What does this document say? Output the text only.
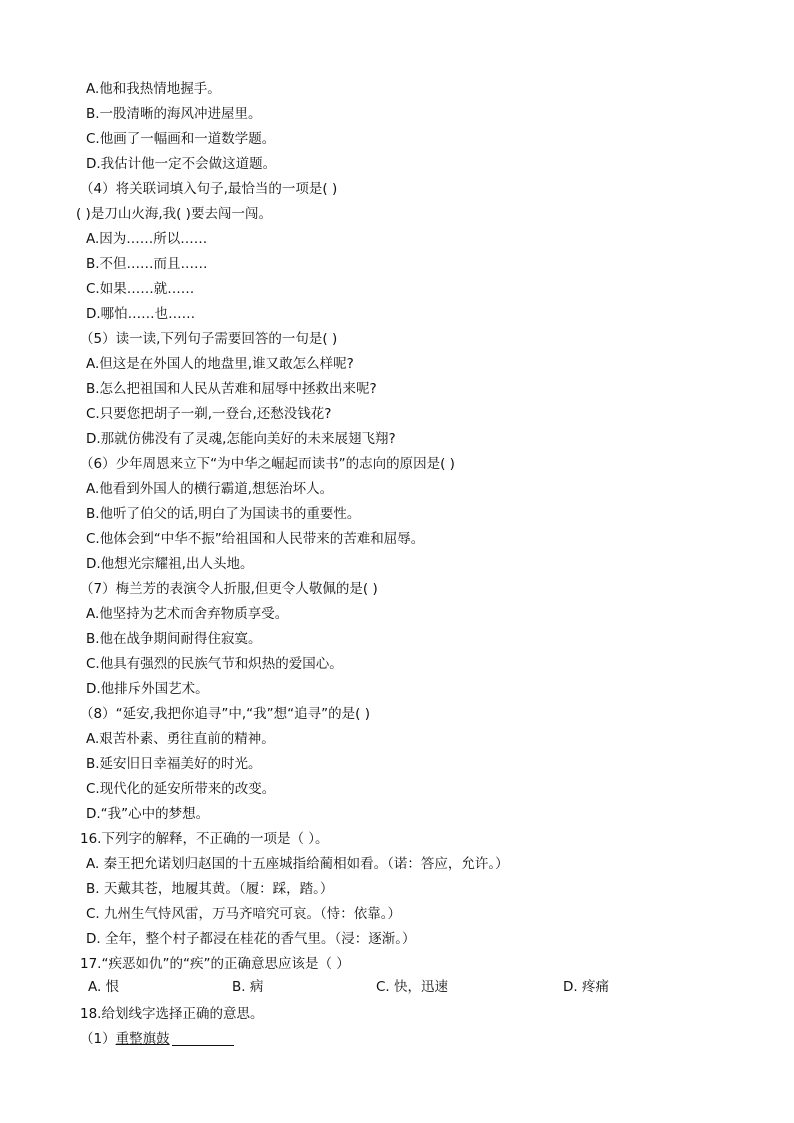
A.他和我热情地握手。
B.一股清晰的海风冲进屋里。
C.他画了一幅画和一道数学题。
D.我估计他一定不会做这道题。
（4）将关联词填入句子,最恰当的一项是( )
( )是刀山火海,我( )要去闯一闯。
A.因为……所以……
B.不但……而且……
C.如果……就……
D.哪怕……也……
（5）读一读,下列句子需要回答的一句是( )
A.但这是在外国人的地盘里,谁又敢怎么样呢?
B.怎么把祖国和人民从苦难和屈辱中拯救出来呢?
C.只要您把胡子一剃,一登台,还愁没钱花?
D.那就仿佛没有了灵魂,怎能向美好的未来展翅飞翔?
（6）少年周恩来立下“为中华之崛起而读书”的志向的原因是( )
A.他看到外国人的横行霸道,想惩治坏人。
B.他听了伯父的话,明白了为国读书的重要性。
C.他体会到“中华不振”给祖国和人民带来的苦难和屈辱。
D.他想光宗耀祖,出人头地。
（7）梅兰芳的表演令人折服,但更令人敬佩的是( )
A.他坚持为艺术而舍弃物质享受。
B.他在战争期间耐得住寂寞。
C.他具有强烈的民族气节和炽热的爱国心。
D.他排斥外国艺术。
（8）“延安,我把你追寻”中,“我”想“追寻”的是( )
A.艰苦朴素、勇往直前的精神。
B.延安旧日幸福美好的时光。
C.现代化的延安所带来的改变。
D.“我”心中的梦想。
16.下列字的解释，不正确的一项是（ ）。
A. 秦王把允诺划归赵国的十五座城指给蔺相如看。（诺：答应，允许。）
B. 天戴其苍，地履其黄。（履：踩，踏。）
C. 九州生气恃风雷，万马齐喑究可哀。（恃：依靠。）
D. 全年，整个村子都浸在桂花的香气里。（浸：逐渐。）
17.“疾恶如仇”的“疾”的正确意思应该是（ ）
A. 恨	B. 病	C. 快，迅速	D. 疼痛
18.给划线字选择正确的意思。
（1）重整旗鼓
